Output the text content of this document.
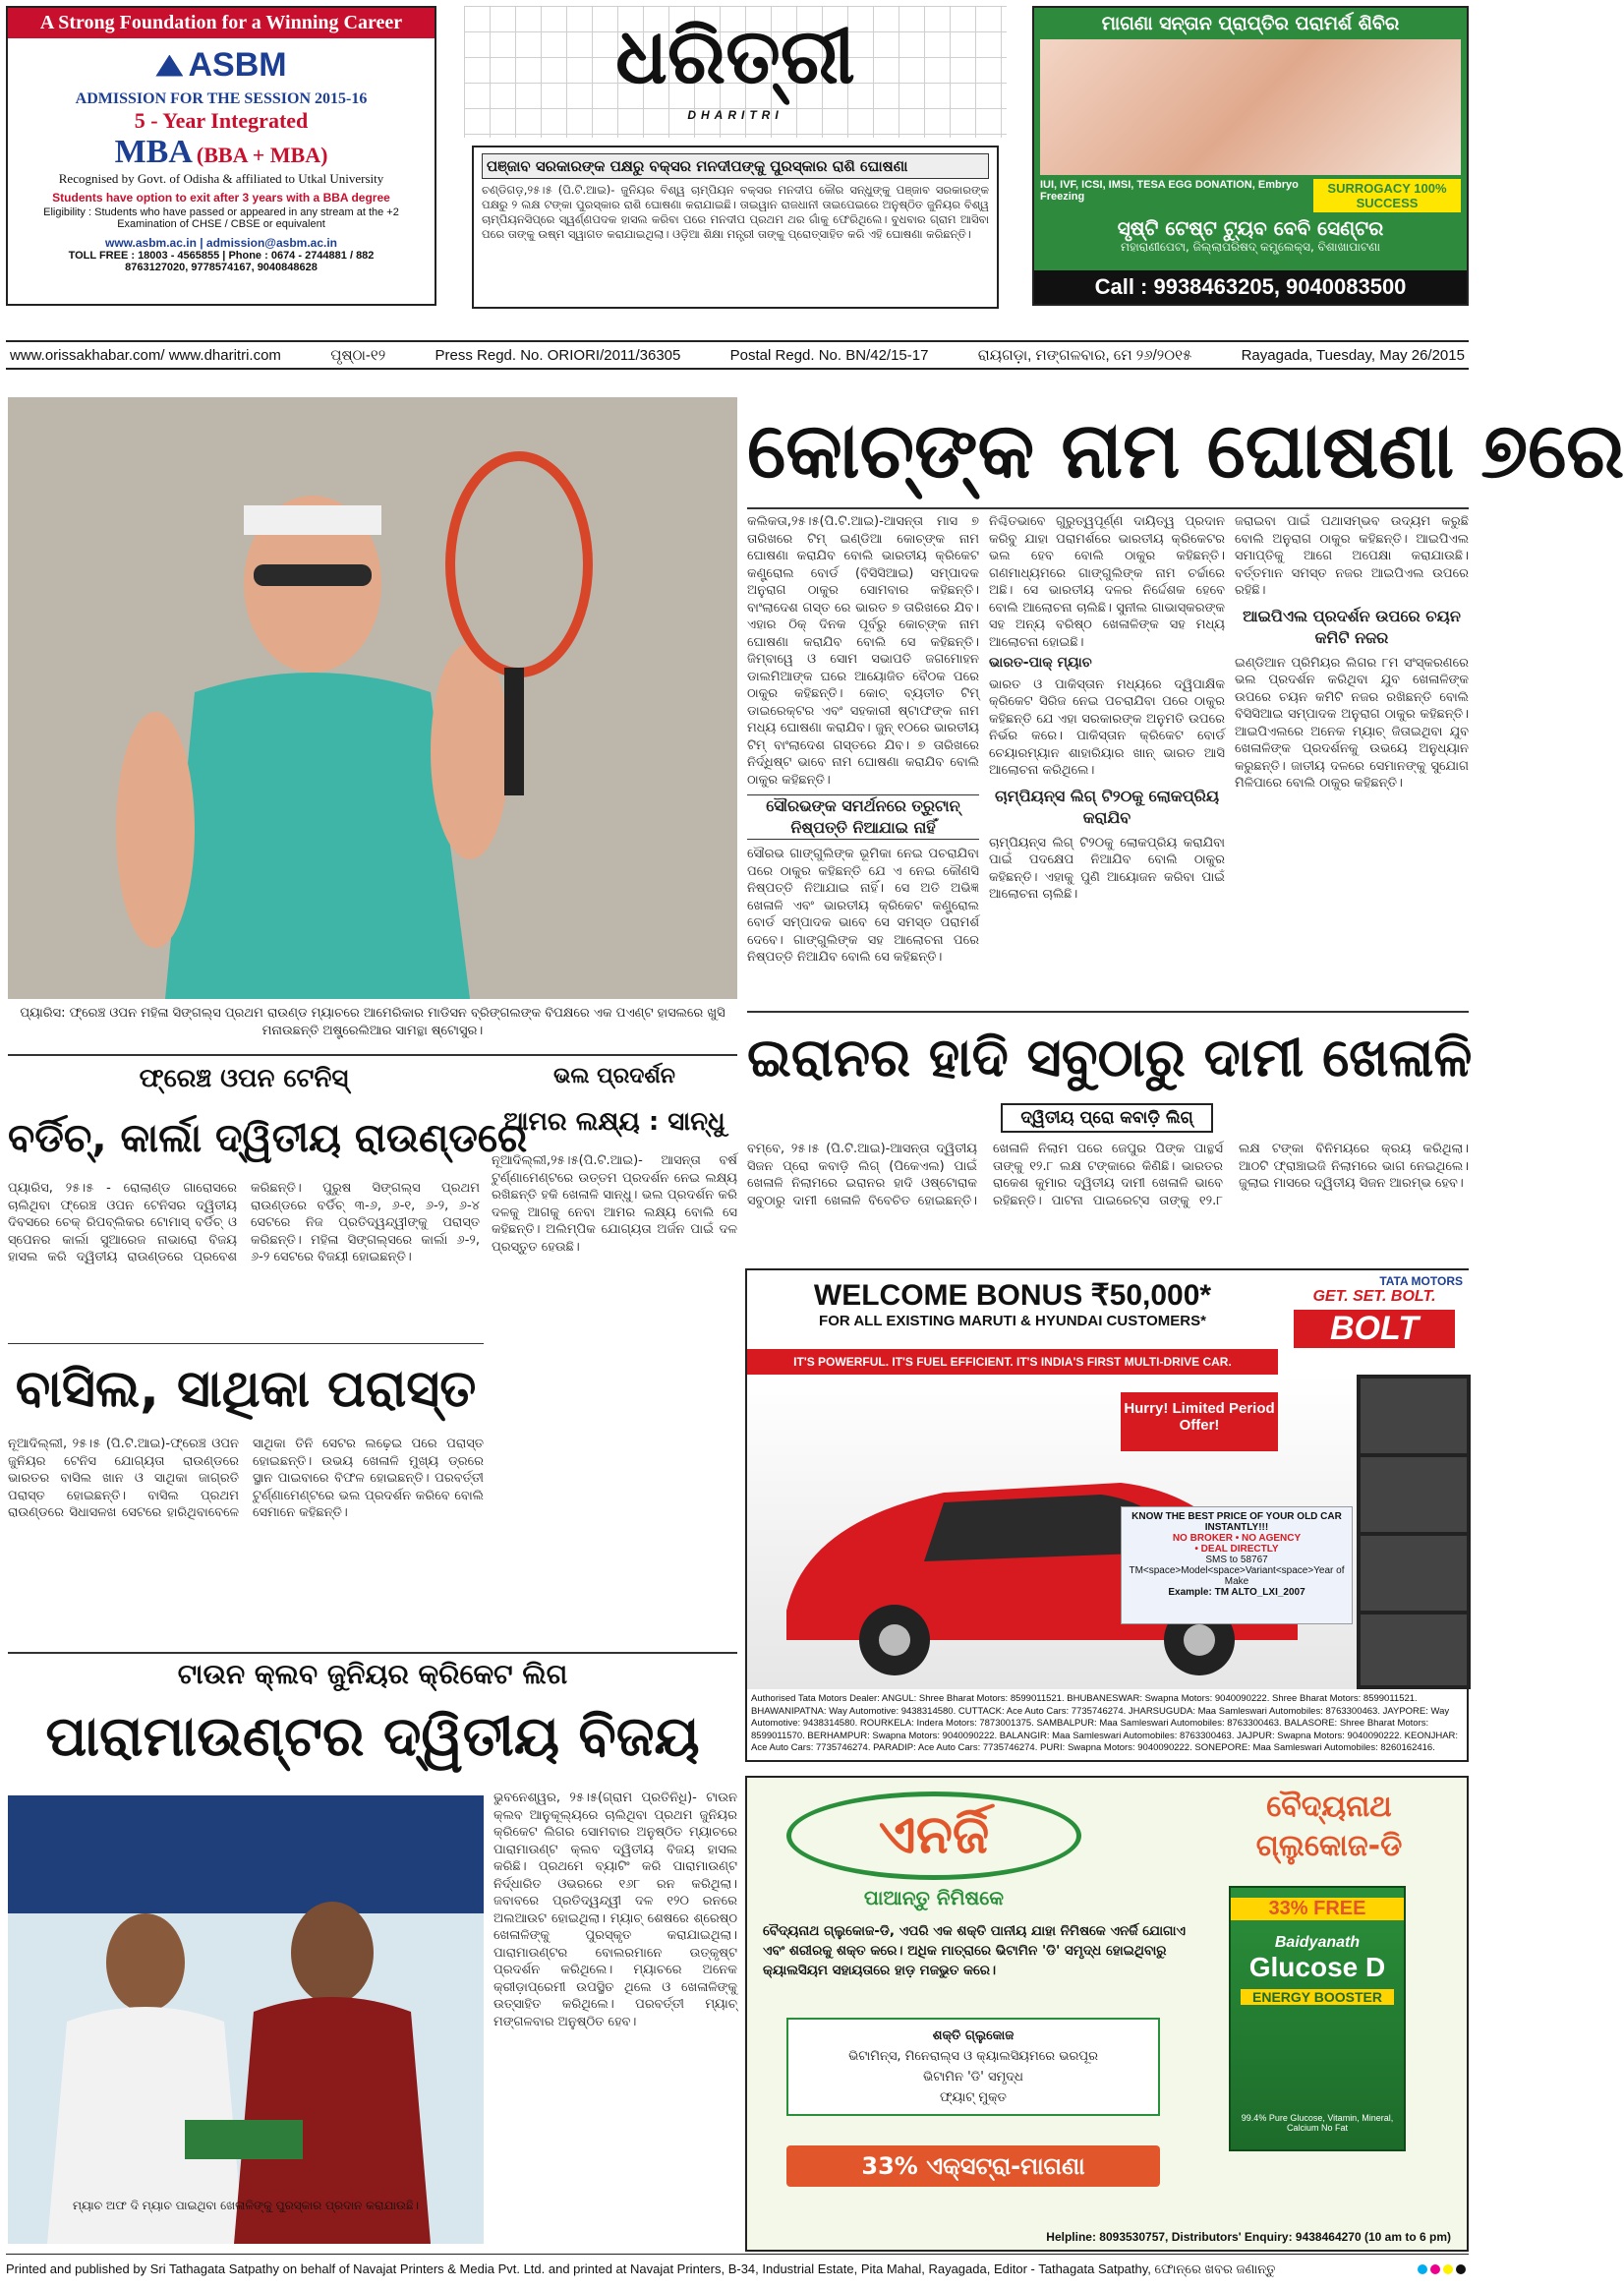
A Strong Foundation for a Winning Career
ASBM
ADMISSION FOR THE SESSION 2015-16
5 - Year Integrated
MBA (BBA + MBA)
Recognised by Govt. of Odisha & affiliated to Utkal University
Students have option to exit after 3 years with a BBA degree
Eligibility : Students who have passed or appeared in any stream at the +2 Examination of CHSE / CBSE or equivalent
www.asbm.ac.in | admission@asbm.ac.in
TOLL FREE : 18003 - 4565855 | Phone : 0674 - 2744881 / 882
8763127020, 9778574167, 9040848628
ଧରିତ୍ରୀ
DHARITRI
ପଞ୍ଜାବ ସରକାରଙ୍କ ପକ୍ଷରୁ ବକ୍ସର ମନଦୀପଙ୍କୁ ପୁରସ୍କାର ରାଶି ଘୋଷଣା
ଚଣ୍ଡିଗଡ଼,୨୫।୫ (ପି.ଟି.ଆଇ)- ଜୁନିୟର ବିଶ୍ୱ ଚାମ୍ପିୟନ ବକ୍ସର ମନଦୀପ କୌର ସନ୍ଧୁଙ୍କୁ ପଞ୍ଜାବ ସରକାରଙ୍କ ପକ୍ଷରୁ ୨ ଲକ୍ଷ ଟଙ୍କା ପୁରସ୍କାର ରାଶି ଘୋଷଣା କରାଯାଇଛି। ତାଇୱାନ ରାଜଧାନୀ ତାଇପେଇରେ ଅନୁଷ୍ଠିତ ଜୁନିୟର ବିଶ୍ୱ ଚାମ୍ପିୟନସିପ୍‌ରେ ସ୍ୱର୍ଣ୍ଣପଦକ ହାସଲ କରିବା ପରେ ମନଦୀପ ପ୍ରଥମ ଥର ଗାଁକୁ ଫେରିଥିଲେ। ବୁଧବାର ଗ୍ରାମ ଆସିବା ପରେ ତାଙ୍କୁ ଉଷ୍ମ ସ୍ୱାଗତ କରାଯାଇଥିଲା। ଓଡ଼ିଆ ଶିକ୍ଷା ମନ୍ତ୍ରୀ ତାଙ୍କୁ ପ୍ରୋତ୍ସାହିତ କରି ଏହି ଘୋଷଣା କରିଛନ୍ତି।
ମାଗଣା ସନ୍ତାନ ପ୍ରାପ୍ତିର ପରାମର୍ଶ ଶିବିର
IUI, IVF, ICSI, IMSI, TESA EGG DONATION, Embryo Freezing
SURROGACY 100% SUCCESS
ସୃଷ୍ଟି ଟେଷ୍ଟ ଟ୍ୟୁବ ବେବି ସେଣ୍ଟର
ମହାରାଣୀପେଟା, ଜିଲ୍ଲାପରିଷଦ୍‌ କମ୍ପ୍ଲେକ୍ସ, ବିଶାଖାପାଟଣା
Call : 9938463205, 9040083500
www.orissakhabar.com/ www.dharitri.com	ପୃଷ୍ଠା-୧୨	Press Regd. No. ORIORI/2011/36305	Postal Regd. No. BN/42/15-17	ରାୟଗଡ଼ା, ମଙ୍ଗଳବାର, ମେ ୨୬/୨୦୧୫	Rayagada, Tuesday, May 26/2015
ପ୍ୟାରିସ: ଫ୍ରେଞ୍ଚ ଓପନ ମହିଳା ସିଙ୍ଗଲ୍ସ ପ୍ରଥମ ରାଉଣ୍ଡ ମ୍ୟାଚରେ ଆମେରିକାର ମାଡିସନ ବ୍ରିଙ୍ଗଲଙ୍କ ବିପକ୍ଷରେ ଏକ ପଏଣ୍ଟ ହାସଲରେ ଖୁସି ମନାଉଛନ୍ତି ଅଷ୍ଟ୍ରେଲିଆର ସାମନ୍ଥା ଷ୍ଟୋସୁର।
କୋଚ୍‌ଙ୍କ ନାମ ଘୋଷଣା ୭ରେ
କଲିକତା,୨୫।୫(ପି.ଟି.ଆଇ)-ଆସନ୍ତା ମାସ ୭ ତାରିଖରେ ଟିମ୍ ଇଣ୍ଡିଆ କୋଚ୍‌ଙ୍କ ନାମ ଘୋଷଣା କରାଯିବ ବୋଲି ଭାରତୀୟ କ୍ରିକେଟ କଣ୍ଟ୍ରୋଲ ବୋର୍ଡ (ବିସିସିଆଇ) ସମ୍ପାଦକ ଅନୁରାଗ ଠାକୁର ସୋମବାର କହିଛନ୍ତି। ବାଂଲାଦେଶ ଗସ୍ତ ରେ ଭାରତ ୭ ତାରିଖରେ ଯିବ। ଏହାର ଠିକ୍ ଦିନକ ପୂର୍ବରୁ କୋଚ୍‌ଙ୍କ ନାମ ଘୋଷଣା କରାଯିବ ବୋଲି ସେ କହିଛନ୍ତି। ଜିମ୍ବାୱେ ଓ ସୋମ ସଭାପତି ଜଗମୋହନ ଡାଲମିଆଙ୍କ ଘରେ ଆୟୋଜିତ ବୈଠକ ପରେ ଠାକୁର କହିଛନ୍ତି। କୋଚ୍ ବ୍ୟତୀତ ଟିମ୍ ଡାଇରେକ୍ଟର ଏବଂ ସହକାରୀ ଷ୍ଟାଫଙ୍କ ନାମ ମଧ୍ୟ ଘୋଷଣା କରାଯିବ। ଜୁନ୍ ୧୦ରେ ଭାରତୀୟ ଟିମ୍ ବାଂଲାଦେଶ ଗସ୍ତରେ ଯିବ। ୭ ତାରିଖରେ ନିର୍ଦ୍ଧିଷ୍ଟ ଭାବେ ନାମ ଘୋଷଣା କରାଯିବ ବୋଲି ଠାକୁର କହିଛନ୍ତି।
ସୌରଭଙ୍କ ସମର୍ଥନରେ ତ୍ରୁଟାନ୍ ନିଷ୍ପତ୍ତି ନିଆଯାଇ ନାହିଁ
ସୌରଭ ଗାଙ୍ଗୁଲିଙ୍କ ଭୂମିକା ନେଇ ପଚରାଯିବା ପରେ ଠାକୁର କହିଛନ୍ତି ଯେ ଏ ନେଇ କୌଣସି ନିଷ୍ପତ୍ତି ନିଆଯାଇ ନାହିଁ। ସେ ଅତି ଅଭିଜ୍ଞ ଖେଳାଳି ଏବଂ ଭାରତୀୟ କ୍ରିକେଟ କଣ୍ଟ୍ରୋଲ ବୋର୍ଡ ସମ୍ପାଦକ ଭାବେ ସେ ସମସ୍ତ ପରାମର୍ଶ ଦେବେ। ଗାଙ୍ଗୁଲିଙ୍କ ସହ ଆଲୋଚନା ପରେ ନିଷ୍ପତ୍ତି ନିଆଯିବ ବୋଲି ସେ କହିଛନ୍ତି।
ନିଶ୍ଚିତଭାବେ ଗୁରୁତ୍ୱପୂର୍ଣ୍ଣ ଦାୟିତ୍ୱ ପ୍ରଦାନ କରିବୁ ଯାହା ପରାମର୍ଶରେ ଭାରତୀୟ କ୍ରିକେଟର ଭଲ ହେବ ବୋଲି ଠାକୁର କହିଛନ୍ତି। ଗଣମାଧ୍ୟମରେ ଗାଙ୍ଗୁଲିଙ୍କ ନାମ ଚର୍ଚ୍ଚାରେ ଅଛି। ସେ ଭାରତୀୟ ଦଳର ନିର୍ଦ୍ଦେଶକ ହେବେ ବୋଲି ଆଲୋଚନା ଚାଲିଛି। ସୁନୀଲ ଗାଭାସ୍କରଙ୍କ ସହ ଅନ୍ୟ ବରିଷ୍ଠ ଖେଳାଳିଙ୍କ ସହ ମଧ୍ୟ ଆଲୋଚନା ହୋଇଛି।
ଭାରତ-ପାକ୍ ମ୍ୟାଚ
ଭାରତ ଓ ପାକିସ୍ତାନ ମଧ୍ୟରେ ଦ୍ୱିପାକ୍ଷିକ କ୍ରିକେଟ ସିରିଜ ନେଇ ପଚରାଯିବା ପରେ ଠାକୁର କହିଛନ୍ତି ଯେ ଏହା ସରକାରଙ୍କ ଅନୁମତି ଉପରେ ନିର୍ଭର କରେ। ପାକିସ୍ତାନ କ୍ରିକେଟ ବୋର୍ଡ ଚେୟାରମ୍ୟାନ ଶାହାରିୟାର ଖାନ୍ ଭାରତ ଆସି ଆଲୋଚନା କରିଥିଲେ।
ଚାମ୍ପିୟନ୍ସ ଲିଗ୍ ଟି୨୦କୁ ଲୋକପ୍ରିୟ କରାଯିବ
ଚାମ୍ପିୟନ୍ସ ଲିଗ୍ ଟି୨୦କୁ ଲୋକପ୍ରିୟ କରାଯିବା ପାଇଁ ପଦକ୍ଷେପ ନିଆଯିବ ବୋଲି ଠାକୁର କହିଛନ୍ତି। ଏହାକୁ ପୁଣି ଆୟୋଜନ କରିବା ପାଇଁ ଆଲୋଚନା ଚାଲିଛି।
ଜରାଇବା ପାଇଁ ପଥାସମ୍ଭବ ଉଦ୍ୟମ କରୁଛି ବୋଲି ଅନୁରାଗ ଠାକୁର କହିଛନ୍ତି। ଆଇପିଏଲ ସମାପ୍ତିକୁ ଆଗେ ଅପେକ୍ଷା କରାଯାଉଛି। ବର୍ତ୍ତମାନ ସମସ୍ତ ନଜର ଆଇପିଏଲ ଉପରେ ରହିଛି।
ଆଇପିଏଲ ପ୍ରଦର୍ଶନ ଉପରେ ଚୟନ କମିଟି ନଜର
ଇଣ୍ଡିଆନ ପ୍ରିମିୟର ଲିଗର ୮ମ ସଂସ୍କରଣରେ ଭଲ ପ୍ରଦର୍ଶନ କରିଥିବା ଯୁବ ଖେଳାଳିଙ୍କ ଉପରେ ଚୟନ କମିଟି ନଜର ରଖିଛନ୍ତି ବୋଲି ବିସିସିଆଇ ସମ୍ପାଦକ ଅନୁରାଗ ଠାକୁର କହିଛନ୍ତି। ଆଇପିଏଲରେ ଅନେକ ମ୍ୟାଚ୍ ଜିତାଇଥିବା ଯୁବ ଖେଳାଳିଙ୍କ ପ୍ରଦର୍ଶନକୁ ଉଭୟେ ଅନୁଧ୍ୟାନ କରୁଛନ୍ତି। ଜାତୀୟ ଦଳରେ ସେମାନଙ୍କୁ ସୁଯୋଗ ମିଳିପାରେ ବୋଲି ଠାକୁର କହିଛନ୍ତି।
ଫ୍ରେଞ୍ଚ ଓପନ ଟେନିସ୍
ବର୍ଡିଚ୍, କାର୍ଲା ଦ୍ୱିତୀୟ ରାଉଣ୍ଡରେ
ପ୍ୟାରିସ, ୨୫।୫ - ରୋଲାଣ୍ଡ ଗାରୋସରେ ଚାଲିଥିବା ଫ୍ରେଞ୍ଚ ଓପନ ଟେନିସର ଦ୍ୱିତୀୟ ଦିବସରେ ଚେକ୍ ରିପବ୍ଲିକର ଟୋମାସ୍ ବର୍ଡିଚ୍ ଓ ସ୍ପେନର କାର୍ଲା ସୁଆରେଜ ନାଭାରୋ ବିଜୟ ହାସଲ କରି ଦ୍ୱିତୀୟ ରାଉଣ୍ଡରେ ପ୍ରବେଶ କରିଛନ୍ତି। ପୁରୁଷ ସିଙ୍ଗଲ୍ସ ପ୍ରଥମ ରାଉଣ୍ଡରେ ବର୍ଡିଚ୍ ୩-୬, ୬-୧, ୬-୨, ୬-୪ ସେଟରେ ନିଜ ପ୍ରତିଦ୍ୱନ୍ଦ୍ୱୀଙ୍କୁ ପରାସ୍ତ କରିଛନ୍ତି। ମହିଳା ସିଙ୍ଗଲ୍ସରେ କାର୍ଲା ୬-୨, ୬-୨ ସେଟରେ ବିଜୟୀ ହୋଇଛନ୍ତି।
ଭଲ ପ୍ରଦର୍ଶନ
ଆମର ଲକ୍ଷ୍ୟ : ସାନ୍ଧୁ
ନୂଆଦିଲ୍ଲୀ,୨୫।୫(ପି.ଟି.ଆଇ)- ଆସନ୍ତା ବର୍ଷ ଟୁର୍ଣ୍ଣାମେଣ୍ଟରେ ଉତ୍ତମ ପ୍ରଦର୍ଶନ ନେଇ ଲକ୍ଷ୍ୟ ରଖିଛନ୍ତି ହକି ଖେଳାଳି ସାନ୍ଧୁ। ଭଲ ପ୍ରଦର୍ଶନ କରି ଦଳକୁ ଆଗକୁ ନେବା ଆମର ଲକ୍ଷ୍ୟ ବୋଲି ସେ କହିଛନ୍ତି। ଅଲିମ୍ପିକ ଯୋଗ୍ୟତା ଅର୍ଜନ ପାଇଁ ଦଳ ପ୍ରସ୍ତୁତ ହେଉଛି।
ବାସିଲ, ସାଥିକା ପରାସ୍ତ
ନୂଆଦିଲ୍ଲୀ, ୨୫।୫ (ପି.ଟି.ଆଇ)-ଫ୍ରେଞ୍ଚ ଓପନ ଜୁନିୟର ଟେନିସ ଯୋଗ୍ୟତା ରାଉଣ୍ଡରେ ଭାରତର ବାସିଲ ଖାନ ଓ ସାଥିକା ଜାଗ୍ରତି ପରାସ୍ତ ହୋଇଛନ୍ତି। ବାସିଲ ପ୍ରଥମ ରାଉଣ୍ଡରେ ସିଧାସଳଖ ସେଟରେ ହାରିଥିବାବେଳେ ସାଥିକା ତିନି ସେଟର ଲଢ଼େଇ ପରେ ପରାସ୍ତ ହୋଇଛନ୍ତି। ଉଭୟ ଖେଳାଳି ମୁଖ୍ୟ ଡ୍ରରେ ସ୍ଥାନ ପାଇବାରେ ବିଫଳ ହୋଇଛନ୍ତି। ପରବର୍ତ୍ତୀ ଟୁର୍ଣ୍ଣାମେଣ୍ଟରେ ଭଲ ପ୍ରଦର୍ଶନ କରିବେ ବୋଲି ସେମାନେ କହିଛନ୍ତି।
ଟାଉନ କ୍ଲବ ଜୁନିୟର କ୍ରିକେଟ ଲିଗ
ପାରାମାଉଣ୍ଟର ଦ୍ୱିତୀୟ ବିଜୟ
ଭୁବନେଶ୍ୱର, ୨୫।୫(ଗ୍ରାମ ପ୍ରତିନିଧି)- ଟାଉନ କ୍ଲବ ଆନୁକୂଲ୍ୟରେ ଚାଲିଥିବା ପ୍ରଥମ ଜୁନିୟର କ୍ରିକେଟ ଲିଗର ସୋମବାର ଅନୁଷ୍ଠିତ ମ୍ୟାଚରେ ପାରାମାଉଣ୍ଟ କ୍ଲବ ଦ୍ୱିତୀୟ ବିଜୟ ହାସଲ କରିଛି। ପ୍ରଥମେ ବ୍ୟାଟିଂ କରି ପାରାମାଉଣ୍ଟ ନିର୍ଦ୍ଧାରିତ ଓଭରରେ ୧୬୮ ରନ କରିଥିଲା। ଜବାବରେ ପ୍ରତିଦ୍ୱନ୍ଦ୍ୱୀ ଦଳ ୧୨୦ ରନରେ ଅଲଆଉଟ ହୋଇଥିଲା। ମ୍ୟାଚ୍ ଶେଷରେ ଶ୍ରେଷ୍ଠ ଖେଳାଳିଙ୍କୁ ପୁରସ୍କୃତ କରାଯାଇଥିଲା। ପାରାମାଉଣ୍ଟର ବୋଲରମାନେ ଉତ୍କୃଷ୍ଟ ପ୍ରଦର୍ଶନ କରିଥିଲେ। ମ୍ୟାଚରେ ଅନେକ କ୍ରୀଡ଼ାପ୍ରେମୀ ଉପସ୍ଥିତ ଥିଲେ ଓ ଖେଳାଳିଙ୍କୁ ଉତ୍ସାହିତ କରିଥିଲେ। ପରବର୍ତ୍ତୀ ମ୍ୟାଚ୍ ମଙ୍ଗଳବାର ଅନୁଷ୍ଠିତ ହେବ।
ମ୍ୟାଚ ଅଫ ଦି ମ୍ୟାଚ ପାଇଥିବା ଖେଳାଳିଙ୍କୁ ପୁରସ୍କାର ପ୍ରଦାନ କରାଯାଉଛି।
ଇରାନର ହାଦି ସବୁଠାରୁ ଦାମୀ ଖେଳାଳି
ଦ୍ୱିତୀୟ ପ୍ରୋ କବାଡ଼ି ଲିଗ୍
ବମ୍ବେ, ୨୫।୫ (ପି.ଟି.ଆଇ)-ଆସନ୍ତା ଦ୍ୱିତୀୟ ସିଜନ ପ୍ରୋ କବାଡ଼ି ଲିଗ୍ (ପିକେଏଲ) ପାଇଁ ଖେଳାଳି ନିଲାମରେ ଇରାନର ହାଦି ଓଷ୍ଟୋରାକ ସବୁଠାରୁ ଦାମୀ ଖେଳାଳି ବିବେଚିତ ହୋଇଛନ୍ତି। ଖେଳାଳି ନିଲାମ ପରେ ଜେପୁର ପିଙ୍କ ପାନ୍ଥର୍ସ ତାଙ୍କୁ ୧୨.୮ ଲକ୍ଷ ଟଙ୍କାରେ କିଣିଛି। ଭାରତର ରାକେଶ କୁମାର ଦ୍ୱିତୀୟ ଦାମୀ ଖେଳାଳି ଭାବେ ରହିଛନ୍ତି। ପାଟନା ପାଇରେଟ୍ସ ତାଙ୍କୁ ୧୨.୮ ଲକ୍ଷ ଟଙ୍କା ବିନିମୟରେ କ୍ରୟ କରିଥିଲା। ଆଠଟି ଫ୍ରାଞ୍ଚାଇଜି ନିଲାମରେ ଭାଗ ନେଇଥିଲେ। ଜୁଲାଇ ମାସରେ ଦ୍ୱିତୀୟ ସିଜନ ଆରମ୍ଭ ହେବ।
WELCOME BONUS ₹50,000*
FOR ALL EXISTING MARUTI & HYUNDAI CUSTOMERS*
IT'S POWERFUL. IT'S FUEL EFFICIENT. IT'S INDIA'S FIRST MULTI-DRIVE CAR.
TATA MOTORS
GET. SET. BOLT.
BOLT
Hurry! Limited Period Offer!
KNOW THE BEST PRICE OF YOUR OLD CAR INSTANTLY!!!
NO BROKER • NO AGENCY
• DEAL DIRECTLY
SMS to 58767
TM<space>Model<space>Variant<space>Year of Make
Example: TM ALTO_LXI_2007
Authorised Tata Motors Dealer: ANGUL: Shree Bharat Motors: 8599011521. BHUBANESWAR: Swapna Motors: 9040090222. Shree Bharat Motors: 8599011521. BHAWANIPATNA: Way Automotive: 9438314580. CUTTACK: Ace Auto Cars: 7735746274. JHARSUGUDA: Maa Samleswari Automobiles: 8763300463. JAYPORE: Way Automotive: 9438314580. ROURKELA: Indera Motors: 7873001375. SAMBALPUR: Maa Samleswari Automobiles: 8763300463. BALASORE: Shree Bharat Motors: 8599011570. BERHAMPUR: Swapna Motors: 9040090222. BALANGIR: Maa Samleswari Automobiles: 8763300463. JAJPUR: Swapna Motors: 9040090222. KEONJHAR: Ace Auto Cars: 7735746274. PARADIP: Ace Auto Cars: 7735746274. PURI: Swapna Motors: 9040090222. SONEPORE: Maa Samleswari Automobiles: 8260162416.
ବୈଦ୍ୟନାଥ ଗ୍ଲୁକୋଜ-ଡି
ଏନର୍ଜି
ପାଆନ୍ତୁ ନିମିଷକେ	33% FREE
Baidyanath
Glucose D
ENERGY BOOSTER
99.4% Pure Glucose, Vitamin, Mineral, Calcium No Fat
ବୈଦ୍ୟନାଥ ଗ୍ଲୁକୋଜ-ଡି, ଏପରି ଏକ ଶକ୍ତି ପାନୀୟ ଯାହା ନିମିଷକେ ଏନର୍ଜି ଯୋଗାଏ ଏବଂ ଶରୀରକୁ ଶକ୍ତ କରେ। ଅଧିକ ମାତ୍ରାରେ ଭିଟାମିନ 'ଡି' ସମୃଦ୍ଧ ହୋଇଥିବାରୁ କ୍ୟାଲସିୟମ ସହାୟତାରେ ହାଡ଼ ମଜଭୁତ କରେ।
ଶକ୍ତି ଗ୍ଲୁକୋଜ
ଭିଟାମିନ୍ସ, ମିନେରାଲ୍ସ ଓ କ୍ୟାଲସିୟମରେ ଭରପୂର
ଭିଟାମିନ 'ଡି' ସମୃଦ୍ଧ
ଫ୍ୟାଟ୍ ମୁକ୍ତ
33% ଏକ୍ସଟ୍ରା-ମାଗଣା
Helpline: 8093530757, Distributors' Enquiry: 9438464270 (10 am to 6 pm)
Printed and published by Sri Tathagata Satpathy on behalf of Navajat Printers & Media Pvt. Ltd. and printed at Navajat Printers, B-34, Industrial Estate, Pita Mahal, Rayagada, Editor - Tathagata Satpathy, ଫୋନ୍‌ରେ ଖବର ଜଣାନ୍ତୁ
